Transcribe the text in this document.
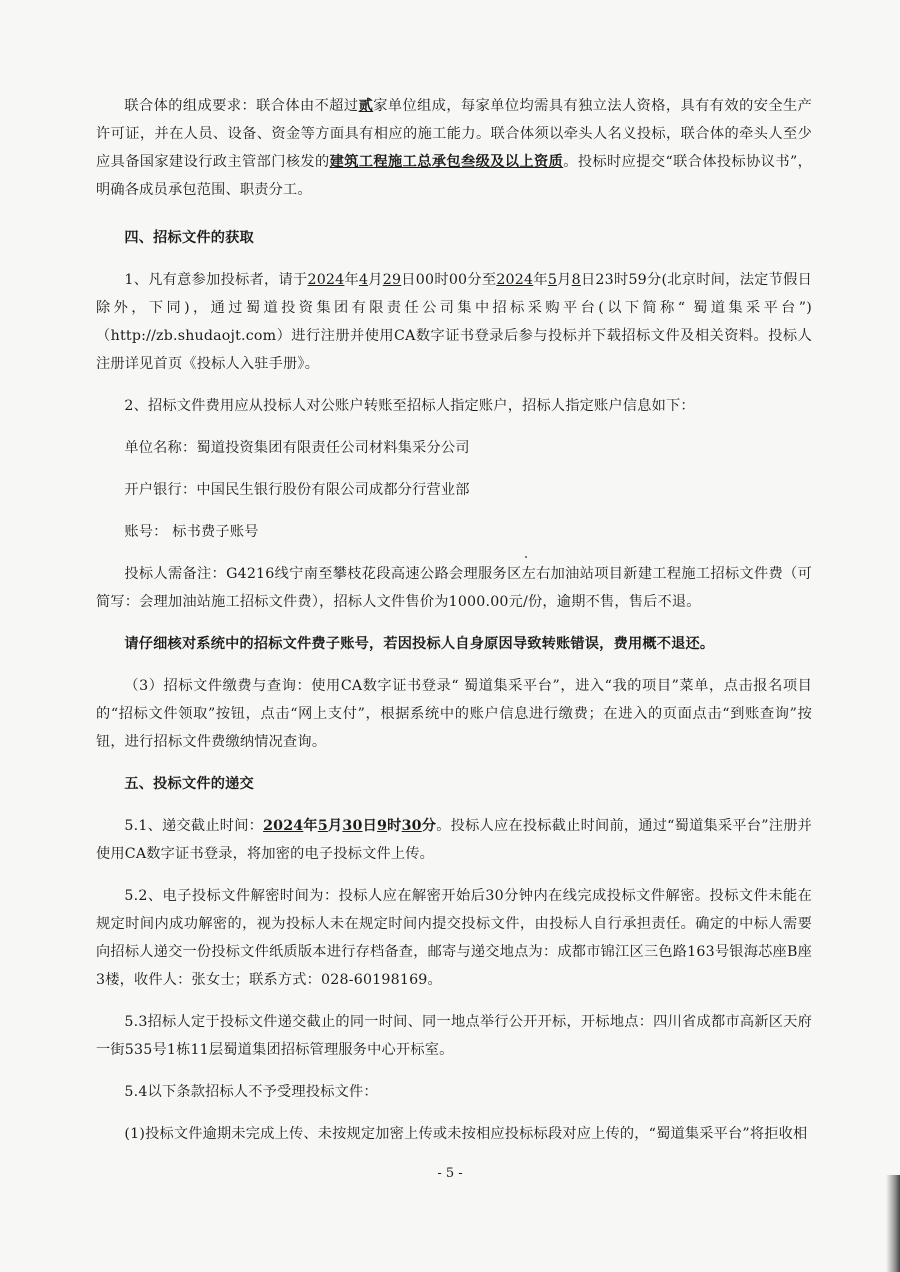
联合体的组成要求：联合体由不超过贰家单位组成，每家单位均需具有独立法人资格，具有有效的安全生产许可证，并在人员、设备、资金等方面具有相应的施工能力。联合体须以牵头人名义投标，联合体的牵头人至少应具备国家建设行政主管部门核发的建筑工程施工总承包叁级及以上资质。投标时应提交“联合体投标协议书”，明确各成员承包范围、职责分工。

四、招标文件的获取

1、凡有意参加投标者，请于2024年4月29日00时00分至2024年5月8日23时59分(北京时间，法定节假日除外，下同)，通过蜀道投资集团有限责任公司集中招标采购平台(以下简称“ 蜀道集采平台”)（http://zb.shudaojt.com）进行注册并使用CA数字证书登录后参与投标并下载招标文件及相关资料。投标人注册详见首页《投标人入驻手册》。

2、招标文件费用应从投标人对公账户转账至招标人指定账户，招标人指定账户信息如下：

单位名称：蜀道投资集团有限责任公司材料集采分公司

开户银行：中国民生银行股份有限公司成都分行营业部

账号： 标书费子账号

投标人需备注：G4216线宁南至攀枝花段高速公路会理服务区左右加油站项目新建工程施工招标文件费（可简写：会理加油站施工招标文件费），招标人文件售价为1000.00元/份，逾期不售，售后不退。

请仔细核对系统中的招标文件费子账号，若因投标人自身原因导致转账错误，费用概不退还。

（3）招标文件缴费与查询：使用CA数字证书登录“ 蜀道集采平台”，进入“我的项目”菜单，点击报名项目的“招标文件领取”按钮，点击“网上支付”，根据系统中的账户信息进行缴费；在进入的页面点击“到账查询”按钮，进行招标文件费缴纳情况查询。

五、投标文件的递交

5.1、递交截止时间：2024年5月30日9时30分。投标人应在投标截止时间前，通过“蜀道集采平台”注册并使用CA数字证书登录，将加密的电子投标文件上传。

5.2、电子投标文件解密时间为：投标人应在解密开始后30分钟内在线完成投标文件解密。投标文件未能在规定时间内成功解密的，视为投标人未在规定时间内提交投标文件，由投标人自行承担责任。确定的中标人需要向招标人递交一份投标文件纸质版本进行存档备查，邮寄与递交地点为：成都市锦江区三色路163号银海芯座B座3楼，收件人：张女士；联系方式：028-60198169。

5.3招标人定于投标文件递交截止的同一时间、同一地点举行公开开标，开标地点：四川省成都市高新区天府一街535号1栋11层蜀道集团招标管理服务中心开标室。

5.4以下条款招标人不予受理投标文件：

(1)投标文件逾期未完成上传、未按规定加密上传或未按相应投标标段对应上传的，“蜀道集采平台”将拒收相

- 5 -
